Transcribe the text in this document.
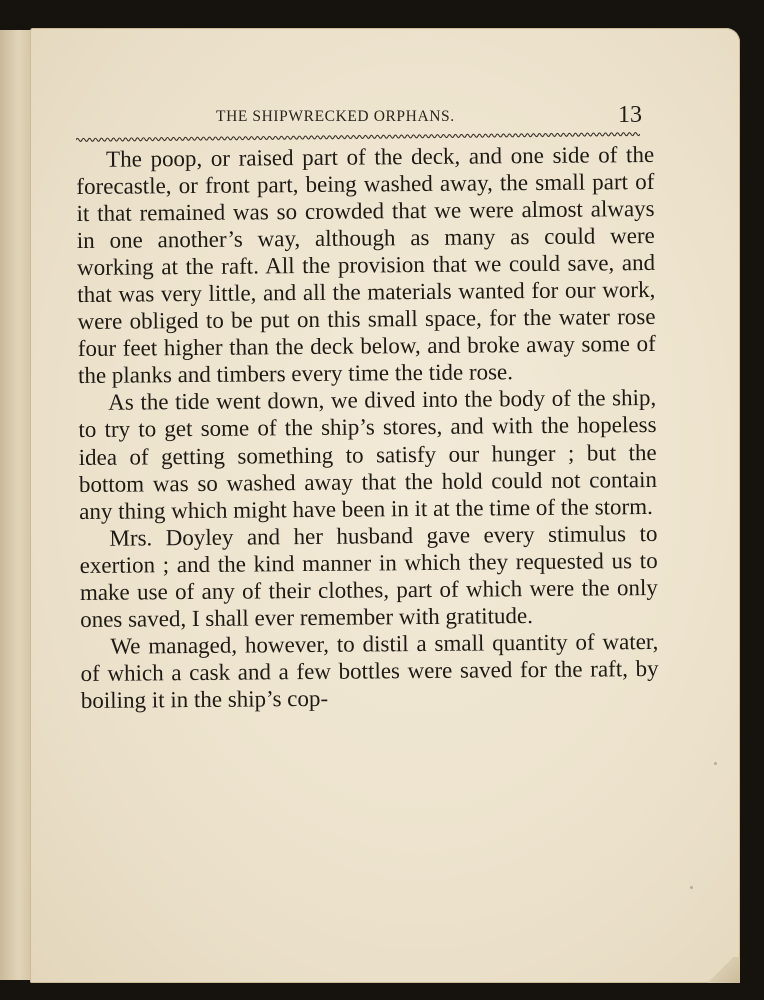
THE SHIPWRECKED ORPHANS.	13

The poop, or raised part of the deck, and one side of the forecastle, or front part, being washed away, the small part of it that remained was so crowded that we were almost always in one another’s way, although as many as could were working at the raft. All the provision that we could save, and that was very little, and all the materials wanted for our work, were obliged to be put on this small space, for the water rose four feet higher than the deck below, and broke away some of the planks and timbers every time the tide rose.

As the tide went down, we dived into the body of the ship, to try to get some of the ship’s stores, and with the hopeless idea of getting something to satisfy our hunger ; but the bottom was so washed away that the hold could not contain any thing which might have been in it at the time of the storm.

Mrs. Doyley and her husband gave every stimulus to exertion ; and the kind manner in which they requested us to make use of any of their clothes, part of which were the only ones saved, I shall ever remember with gratitude.

We managed, however, to distil a small quantity of water, of which a cask and a few bottles were saved for the raft, by boiling it in the ship’s cop-
